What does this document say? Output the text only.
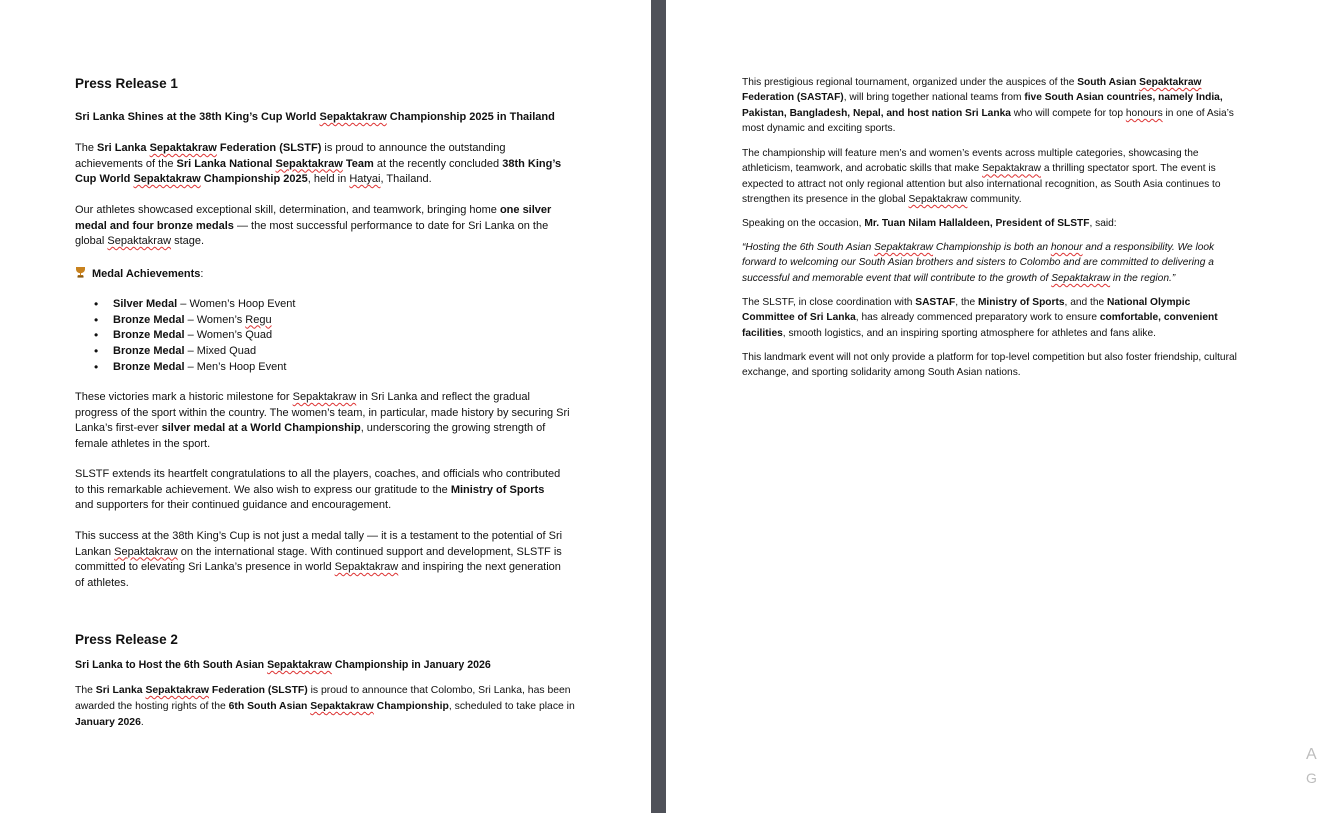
Press Release 1
Sri Lanka Shines at the 38th King’s Cup World Sepaktakraw Championship 2025 in Thailand
The Sri Lanka Sepaktakraw Federation (SLSTF) is proud to announce the outstanding achievements of the Sri Lanka National Sepaktakraw Team at the recently concluded 38th King’s Cup World Sepaktakraw Championship 2025, held in Hatyai, Thailand.
Our athletes showcased exceptional skill, determination, and teamwork, bringing home one silver medal and four bronze medals — the most successful performance to date for Sri Lanka on the global Sepaktakraw stage.
Medal Achievements:
• Silver Medal – Women’s Hoop Event
• Bronze Medal – Women’s Regu
• Bronze Medal – Women’s Quad
• Bronze Medal – Mixed Quad
• Bronze Medal – Men’s Hoop Event
These victories mark a historic milestone for Sepaktakraw in Sri Lanka and reflect the gradual progress of the sport within the country. The women’s team, in particular, made history by securing Sri Lanka’s first-ever silver medal at a World Championship, underscoring the growing strength of female athletes in the sport.
SLSTF extends its heartfelt congratulations to all the players, coaches, and officials who contributed to this remarkable achievement. We also wish to express our gratitude to the Ministry of Sports and supporters for their continued guidance and encouragement.
This success at the 38th King’s Cup is not just a medal tally — it is a testament to the potential of Sri Lankan Sepaktakraw on the international stage. With continued support and development, SLSTF is committed to elevating Sri Lanka’s presence in world Sepaktakraw and inspiring the next generation of athletes.
Press Release 2
Sri Lanka to Host the 6th South Asian Sepaktakraw Championship in January 2026
The Sri Lanka Sepaktakraw Federation (SLSTF) is proud to announce that Colombo, Sri Lanka, has been awarded the hosting rights of the 6th South Asian Sepaktakraw Championship, scheduled to take place in January 2026.
This prestigious regional tournament, organized under the auspices of the South Asian Sepaktakraw Federation (SASTAF), will bring together national teams from five South Asian countries, namely India, Pakistan, Bangladesh, Nepal, and host nation Sri Lanka who will compete for top honours in one of Asia’s most dynamic and exciting sports.
The championship will feature men’s and women’s events across multiple categories, showcasing the athleticism, teamwork, and acrobatic skills that make Sepaktakraw a thrilling spectator sport. The event is expected to attract not only regional attention but also international recognition, as South Asia continues to strengthen its presence in the global Sepaktakraw community.
Speaking on the occasion, Mr. Tuan Nilam Hallaldeen, President of SLSTF, said:
“Hosting the 6th South Asian Sepaktakraw Championship is both an honour and a responsibility. We look forward to welcoming our South Asian brothers and sisters to Colombo and are committed to delivering a successful and memorable event that will contribute to the growth of Sepaktakraw in the region.”
The SLSTF, in close coordination with SASTAF, the Ministry of Sports, and the National Olympic Committee of Sri Lanka, has already commenced preparatory work to ensure comfortable, convenient facilities, smooth logistics, and an inspiring sporting atmosphere for athletes and fans alike.
This landmark event will not only provide a platform for top-level competition but also foster friendship, cultural exchange, and sporting solidarity among South Asian nations.
A
G
